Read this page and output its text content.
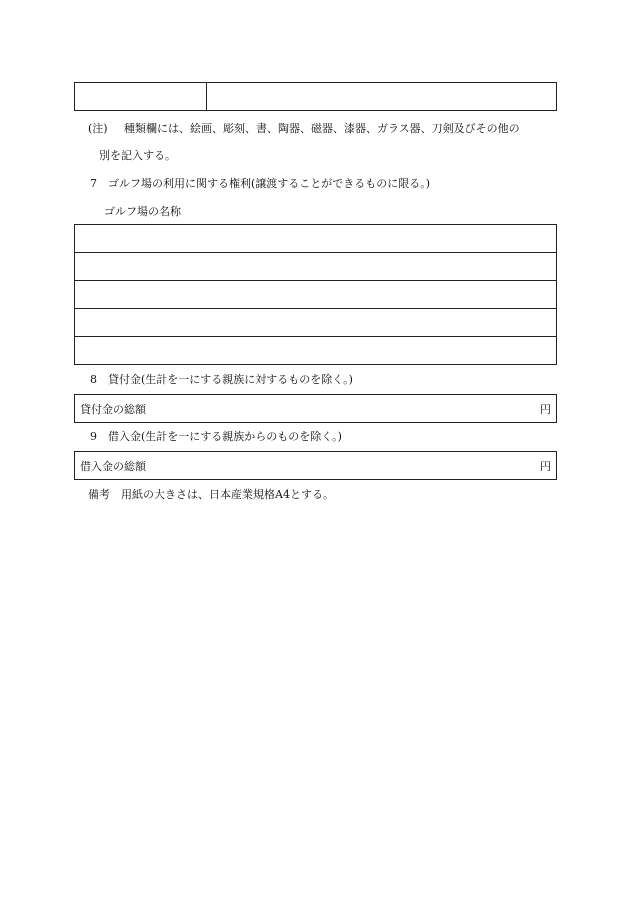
(注) 種類欄には、絵画、彫刻、書、陶器、磁器、漆器、ガラス器、刀剣及びその他の
別を記入する。
7　ゴルフ場の利用に関する権利(譲渡することができるものに限る。)
ゴルフ場の名称

8　貸付金(生計を一にする親族に対するものを除く。)
貸付金の総額	円
9　借入金(生計を一にする親族からのものを除く。)
借入金の総額	円
備考　用紙の大きさは、日本産業規格A4とする。
